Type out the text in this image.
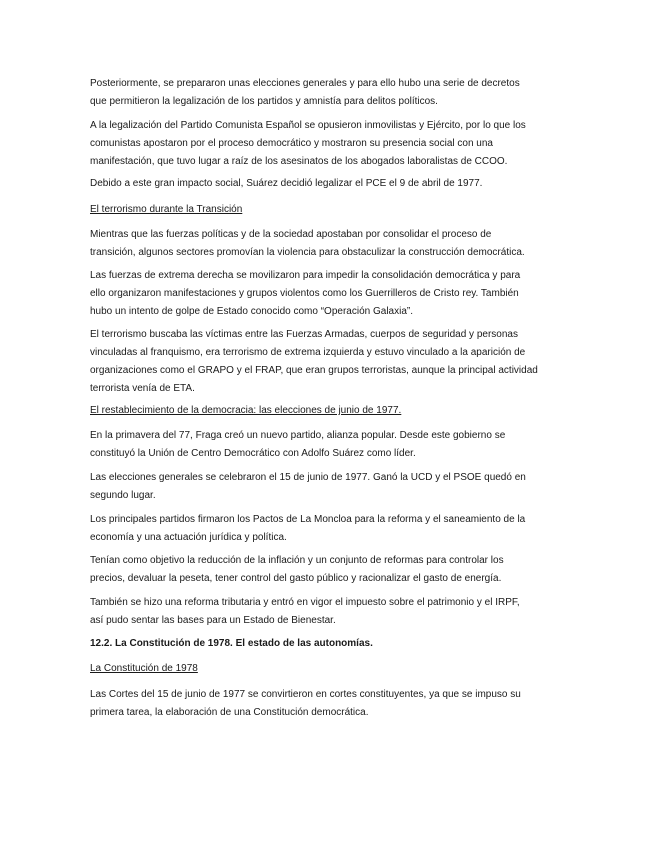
Posteriormente, se prepararon unas elecciones generales y para ello hubo una serie de decretos
que permitieron la legalización de los partidos y amnistía para delitos políticos.

A la legalización del Partido Comunista Español se opusieron inmovilistas y Ejército, por lo que los
comunistas apostaron por el proceso democrático y mostraron su presencia social con una
manifestación, que tuvo lugar a raíz de los asesinatos de los abogados laboralistas de CCOO.

Debido a este gran impacto social, Suárez decidió legalizar el PCE el 9 de abril de 1977.

El terrorismo durante la Transición

Mientras que las fuerzas políticas y de la sociedad apostaban por consolidar el proceso de
transición, algunos sectores promovían la violencia para obstaculizar la construcción democrática.

Las fuerzas de extrema derecha se movilizaron para impedir la consolidación democrática y para
ello organizaron manifestaciones y grupos violentos como los Guerrilleros de Cristo rey. También
hubo un intento de golpe de Estado conocido como “Operación Galaxia”.

El terrorismo buscaba las víctimas entre las Fuerzas Armadas, cuerpos de seguridad y personas
vinculadas al franquismo, era terrorismo de extrema izquierda y estuvo vinculado a la aparición de
organizaciones como el GRAPO y el FRAP, que eran grupos terroristas, aunque la principal actividad
terrorista venía de ETA.

El restablecimiento de la democracia: las elecciones de junio de 1977.

En la primavera del 77, Fraga creó un nuevo partido, alianza popular. Desde este gobierno se
constituyó la Unión de Centro Democrático con Adolfo Suárez como líder.

Las elecciones generales se celebraron el 15 de junio de 1977. Ganó la UCD y el PSOE quedó en
segundo lugar.

Los principales partidos firmaron los Pactos de La Moncloa para la reforma y el saneamiento de la
economía y una actuación jurídica y política.

Tenían como objetivo la reducción de la inflación y un conjunto de reformas para controlar los
precios, devaluar la peseta, tener control del gasto público y racionalizar el gasto de energía.

También se hizo una reforma tributaria y entró en vigor el impuesto sobre el patrimonio y el IRPF,
así pudo sentar las bases para un Estado de Bienestar.

12.2. La Constitución de 1978. El estado de las autonomías.

La Constitución de 1978

Las Cortes del 15 de junio de 1977 se convirtieron en cortes constituyentes, ya que se impuso su
primera tarea, la elaboración de una Constitución democrática.
